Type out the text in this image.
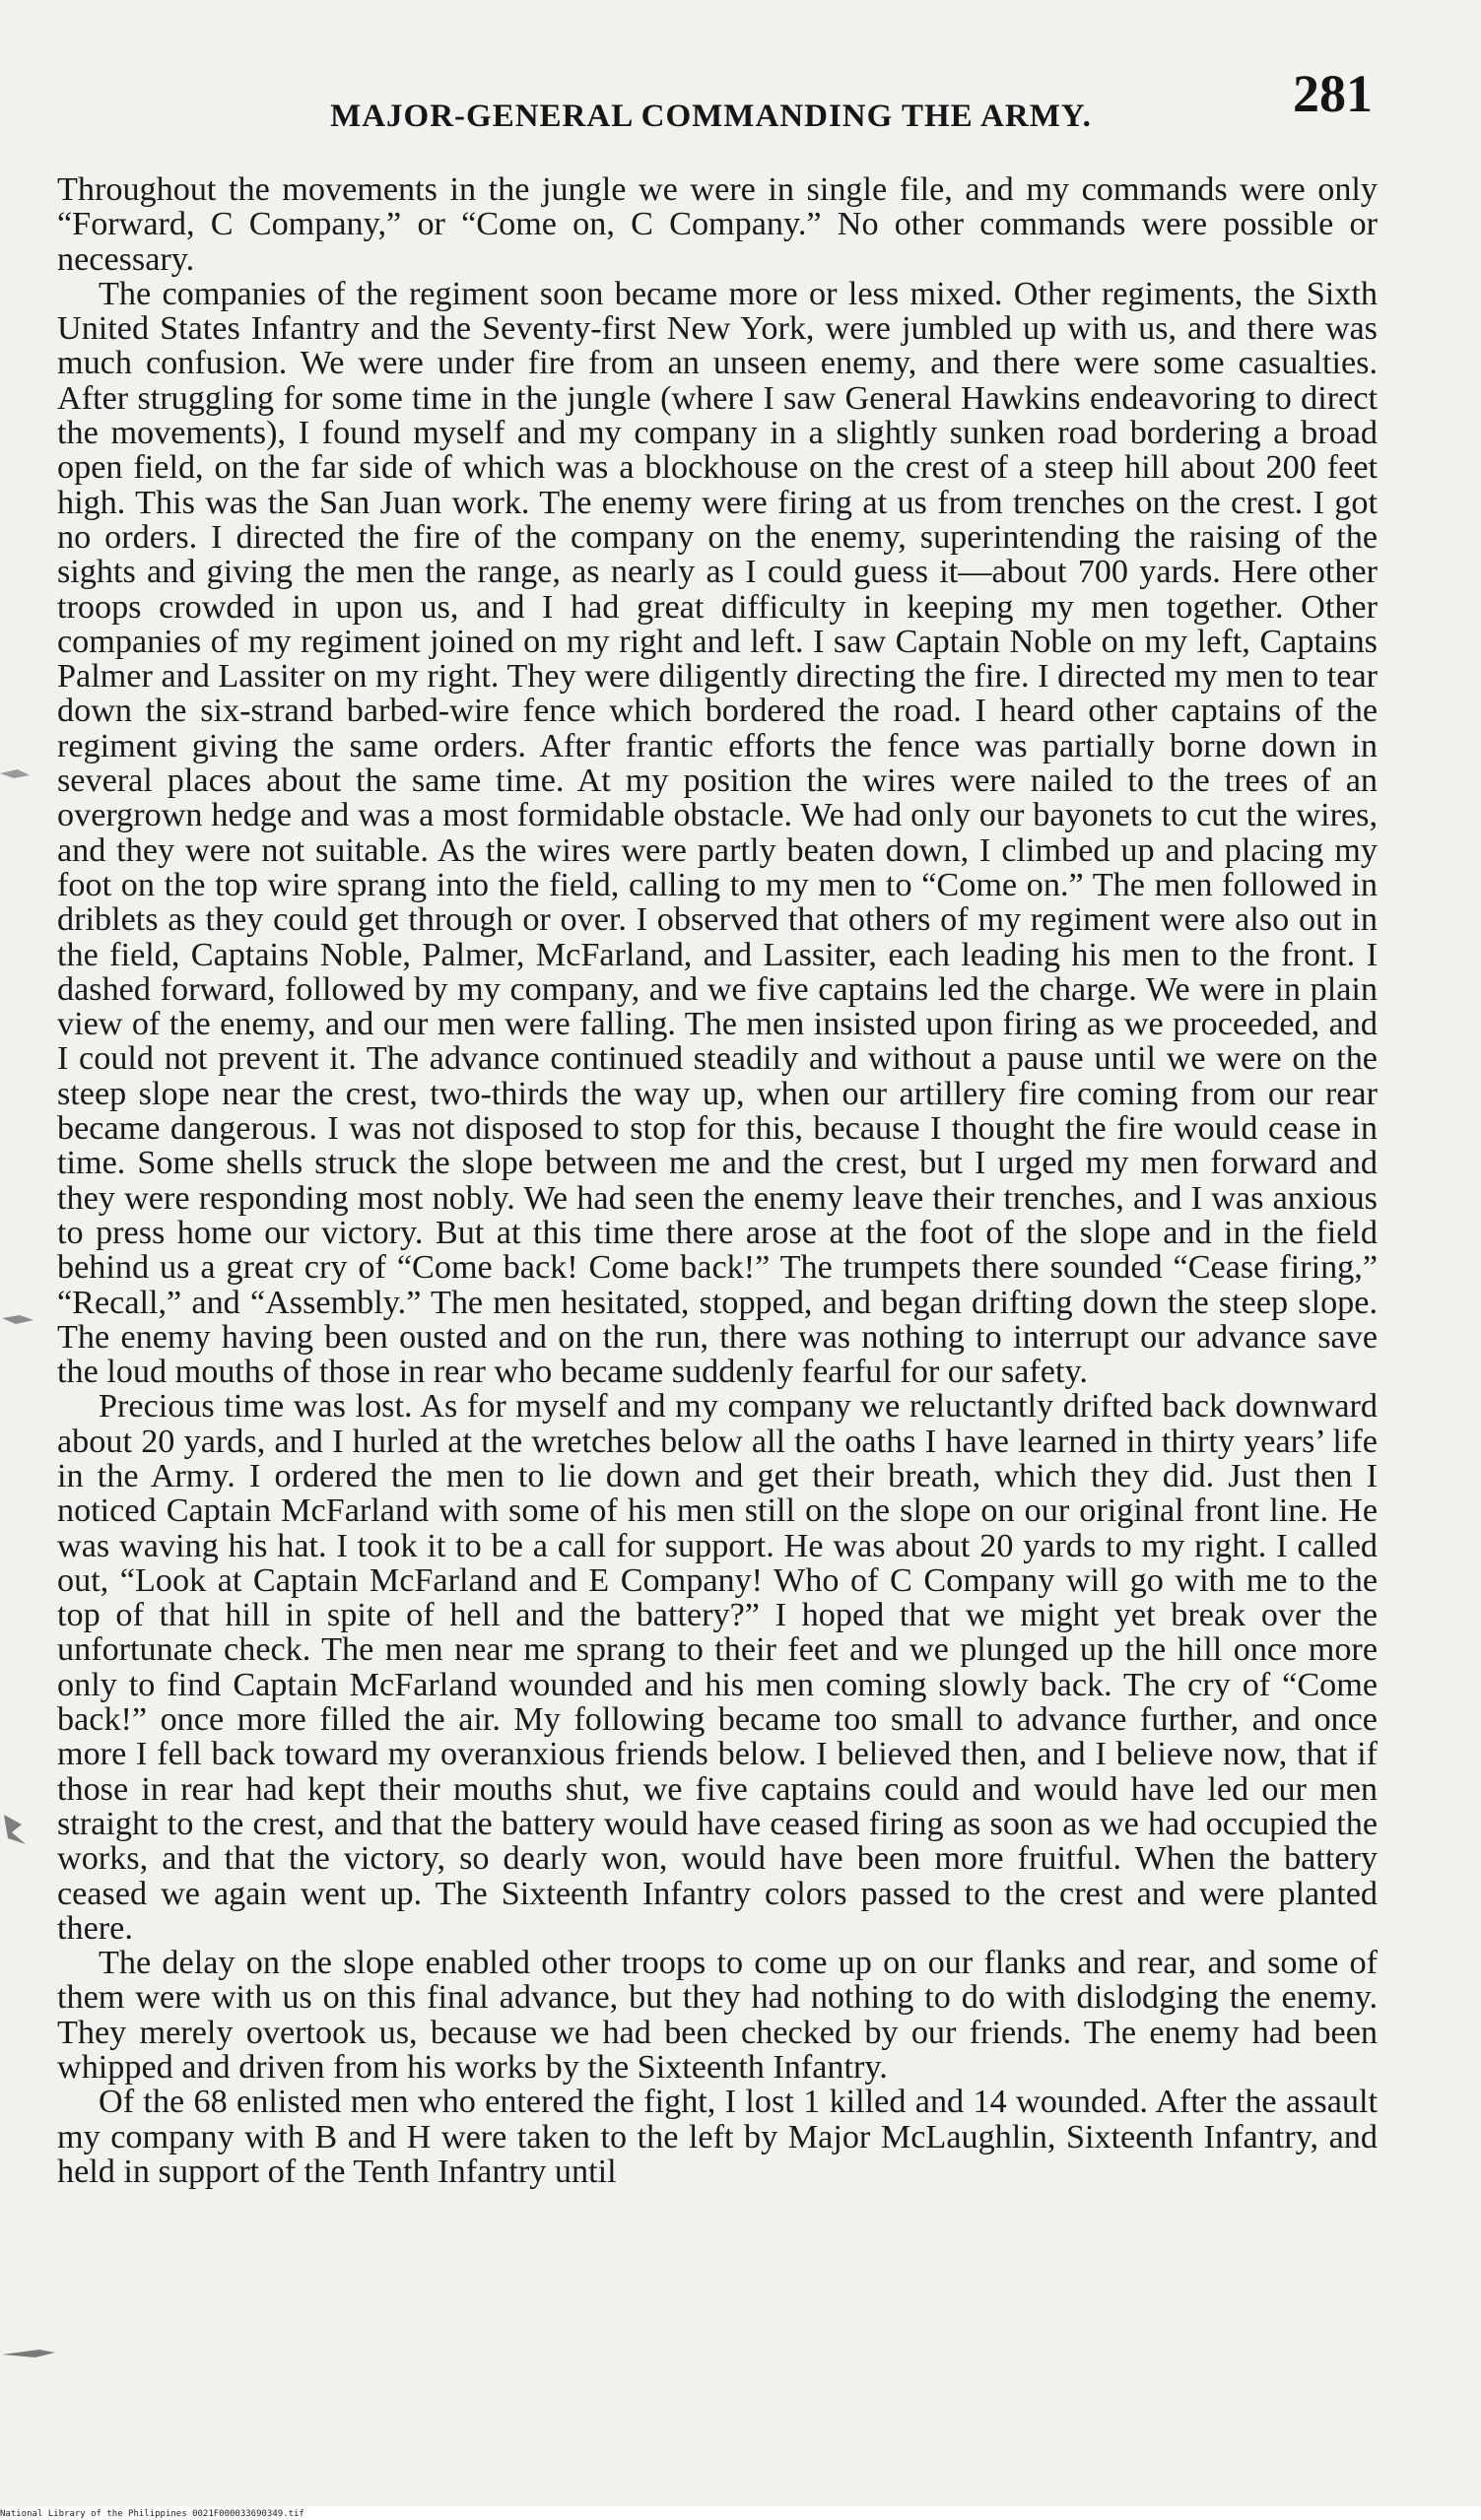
MAJOR-GENERAL COMMANDING THE ARMY.	281

Throughout the movements in the jungle we were in single file, and my commands were only “Forward, C Company,” or “Come on, C Company.” No other commands were possible or necessary.

The companies of the regiment soon became more or less mixed. Other regiments, the Sixth United States Infantry and the Seventy-first New York, were jumbled up with us, and there was much confusion. We were under fire from an unseen enemy, and there were some casualties. After struggling for some time in the jungle (where I saw General Hawkins endeavoring to direct the movements), I found myself and my company in a slightly sunken road bordering a broad open field, on the far side of which was a blockhouse on the crest of a steep hill about 200 feet high. This was the San Juan work. The enemy were firing at us from trenches on the crest. I got no orders. I directed the fire of the company on the enemy, superintending the raising of the sights and giving the men the range, as nearly as I could guess it—about 700 yards. Here other troops crowded in upon us, and I had great difficulty in keeping my men together. Other companies of my regiment joined on my right and left. I saw Captain Noble on my left, Captains Palmer and Lassiter on my right. They were diligently directing the fire. I directed my men to tear down the six-strand barbed-wire fence which bordered the road. I heard other captains of the regiment giving the same orders. After frantic efforts the fence was partially borne down in several places about the same time. At my position the wires were nailed to the trees of an overgrown hedge and was a most formidable obstacle. We had only our bayonets to cut the wires, and they were not suitable. As the wires were partly beaten down, I climbed up and placing my foot on the top wire sprang into the field, calling to my men to “Come on.” The men followed in driblets as they could get through or over. I observed that others of my regiment were also out in the field, Captains Noble, Palmer, McFarland, and Lassiter, each leading his men to the front. I dashed forward, followed by my company, and we five captains led the charge. We were in plain view of the enemy, and our men were falling. The men insisted upon firing as we proceeded, and I could not prevent it. The advance continued steadily and without a pause until we were on the steep slope near the crest, two-thirds the way up, when our artillery fire coming from our rear became dangerous. I was not disposed to stop for this, because I thought the fire would cease in time. Some shells struck the slope between me and the crest, but I urged my men forward and they were responding most nobly. We had seen the enemy leave their trenches, and I was anxious to press home our victory. But at this time there arose at the foot of the slope and in the field behind us a great cry of “Come back! Come back!” The trumpets there sounded “Cease firing,” “Recall,” and “Assembly.” The men hesitated, stopped, and began drifting down the steep slope. The enemy having been ousted and on the run, there was nothing to interrupt our advance save the loud mouths of those in rear who became suddenly fearful for our safety.

Precious time was lost. As for myself and my company we reluctantly drifted back downward about 20 yards, and I hurled at the wretches below all the oaths I have learned in thirty years’ life in the Army. I ordered the men to lie down and get their breath, which they did. Just then I noticed Captain McFarland with some of his men still on the slope on our original front line. He was waving his hat. I took it to be a call for support. He was about 20 yards to my right. I called out, “Look at Captain McFarland and E Company! Who of C Company will go with me to the top of that hill in spite of hell and the battery?” I hoped that we might yet break over the unfortunate check. The men near me sprang to their feet and we plunged up the hill once more only to find Captain McFarland wounded and his men coming slowly back. The cry of “Come back!” once more filled the air. My following became too small to advance further, and once more I fell back toward my overanxious friends below. I believed then, and I believe now, that if those in rear had kept their mouths shut, we five captains could and would have led our men straight to the crest, and that the battery would have ceased firing as soon as we had occupied the works, and that the victory, so dearly won, would have been more fruitful. When the battery ceased we again went up. The Sixteenth Infantry colors passed to the crest and were planted there.

The delay on the slope enabled other troops to come up on our flanks and rear, and some of them were with us on this final advance, but they had nothing to do with dislodging the enemy. They merely overtook us, because we had been checked by our friends. The enemy had been whipped and driven from his works by the Sixteenth Infantry.

Of the 68 enlisted men who entered the fight, I lost 1 killed and 14 wounded. After the assault my company with B and H were taken to the left by Major McLaughlin, Sixteenth Infantry, and held in support of the Tenth Infantry until

National Library of the Philippines 0021F000033690349.tif
